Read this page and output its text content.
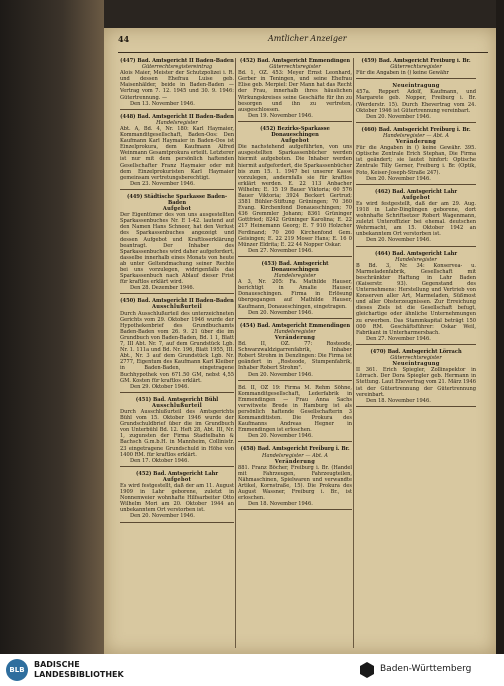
44	Amtlicher Anzeiger
(447) Bad. Amtsgericht II Baden-Baden
Güterrechtsregistereintrag
Alois Maier, Meister der Schutzpolizei i. R. und dessen Ehefrau Luise geb. Maisenhälder, beide in Baden-Baden — Vertrag vom 7. 12. 1945 und 30. 9. 1946: Gütertrennung. —
Den 13. November 1946.
(448) Bad. Amtsgericht II Baden-Baden
Handelsregister
Abt. A, Bd. 4, Nr. 180: Karl Haymaier, Kommanditgesellschaft, Baden-Oos: Den Kaufmann Karl Haymaier in Baden-Oos ist Einzelprokura, dem Kaufmann Alfred Weinmann Gesamtprokura erteilt. Letzterer ist nur mit dem persönlich haftenden Gesellschafter Franz Haymaier oder mit dem Einzelprokuristen Karl Haymaier gemeinsam vertretungsberechtigt.
Den 23. November 1946.
(449) Städtische Sparkasse Baden-Baden
Aufgebot
Der Eigentümer des von uns ausgestellten Sparkassenbuches Nr. E 1-42. lautend auf den Namen Hans Schneer, hat den Verlust des Sparkassenbuches angezeigt und dessen Aufgebot und Kraftloserklärung beantragt. Der Inhaber des Sparkassenbuches wird daher aufgefordert, dasselbe innerhalb eines Monats von heute ab unter Geltendmachung seiner Rechte bei uns vorzulegen, widrigenfalls das Sparkassenbuch nach Ablauf dieser Frist für kraftlos erklärt wird.
Den 28. Dezember 1946.
(450) Bad. Amtsgericht II Baden-Baden
Ausschlußurteil
Durch Ausschlußurteil des unterzeichneten Gerichts vom 29. Oktober 1946 wurde der Hypothekenbrief des Grundbuchamts Baden-Baden vom 26. 9. 21 über die im Grundbuch von Baden-Baden, Bd. 1 1, Blatt 7, III Abt. Nr. 7, auf dem Grundstück Lgb. Nr. 1. 111a und Bd. Nr. 196, Blatt 1955, III. Abt., Nr. 3 auf dem Grundstück Lgb. Nr. 2777, Eigentum des Kaufmann Karl Kleiber in Baden-Baden, eingetragene Buchhypothek von 671.50 GM, nebst 4,55 GM. Kosten für kraftlos erklärt.
Den 29. Oktober 1946.
(451) Bad. Amtsgericht Bühl
Ausschlußurteil
Durch Ausschlußurteil des Amtsgerichts Bühl vom 15. Oktober 1946 wurde der Grundschuldbrief über die im Grundbuch von Unterbühl Bd. 12. Heft 28, Abt. III, Nr. 1, zugunsten der Firma Stadtelbahn & Bachsch G.m.b.H. in Mannheim, Collinistr. 23 eingetragene Grundschuld in Höhe von 1400 RM. für kraftlos erklärt.
Den 17. Oktober 1946.
(452) Bad. Amtsgericht Lahr
Aufgebot
Es wird festgestellt, daß der am 11. August 1909 in Lahr geborene, zuletzt in Nonnenweier wohnhafte Hilfsarbeiter Otto Wilhelm Mori am 20. Oktober 1944 an unbekanntem Ort verstorben ist.
Den 20. November 1946.
(452) Bad. Amtsgericht Emmendingen
Güterrechtsregister
Bd. 1, OZ. 453: Meyer Ernst Leonhard, Gerber in Teningen, und seine Ehefrau Elise geb. Merpiel: Der Mann hat das Recht der Frau, innerhalb ihres häuslichen Wirkungskreises seine Geschäfte für ihn zu besorgen und ihn zu vertreten, ausgeschlossen.
Den 19. November 1946.
(452) Bezirks-Sparkasse Donaueschingen
Aufgebot
Die nachstehend aufgeführten, von uns ausgestellten Sparkassenbücher werden hiermit aufgeboten. Die Inhaber werden hiermit aufgefordert, die Sparkassenbücher bis zum 15. 1. 1947 bei unserer Kasse vorzulegen, andernfalls sie für kraftlos erklärt werden. E. 22 113 Anbacher Wilhelm; E. 15 19 Bauer Viktoria; 60 576 Bauer Viktoria; 3924 Beckert Gertrud; 3581 Bühler-Stiftung Grüningen; 70 360 Evang. Kirchenfond Donaueschingen; 70 436 Gremmler Johann; 8361 Grüninger Gottfried; 8242 Grüninger Karolina; E. 22 217 Heinemann Georg; E. 7 910 Holzcher Ferdinand; 70 260 Kirchenfond Gem. Geisingen; E. 22 219 Moser Hans; E. 16 0 Münzer Eldrita; E. 22 44 Nopper Oskar.
Den 27. November 1946.
(453) Bad. Amtsgericht Donaueschingen
Handelsregister
A 3, Nr. 205: Fa. Mathilde Hauser, berichtigt in Amalie Hauser, Donaueschingen. Firma in Erlösung übergegangen auf Mathilde Hauser, Kaufmann, Donaueschingen, eingetragen.
Den 20. November 1946.
(454) Bad. Amtsgericht Emmendingen
Handelsregister
Veränderung
Bd. II, OZ. 77: Rosteode, Schwarzwaldzigarrenfabrik, Inhaber Robert Strohm in Denzlingen: Die Firma ist geändert in „Rosteode, Stumpenfabrik, Inhaber Robert Strohm".
Den 20. November 1946.
Bd. II, OZ 19: Firma M. Rehm Söhne, Kommanditgesellschaft, Lederfabrik in Emmendingen — Frau Anna Sachs verwitwete Brede in Hamburg ist als persönlich haftende Gesellschafterin 3 Kommanditisten. Die Prokura des Kaufmanns Andreas Hegner in Emmendingen ist erloschen.
Den 20. November 1946.
(458) Bad. Amtsgericht Freiburg i. Br.
Handelsregister — Abt. A
Veränderung
881. Franz Böcher, Freiburg i. Br. (Handel mit Fahrzeugen, Fahrzeugteilen, Nähmaschinen, Spielwaren und verwandte Artikel, Kornstraße, 15). Die Prokura des August Wassner, Freiburg i. Br., ist erloschen.
Den 18. November 1946.
(459) Bad. Amtsgericht Freiburg i. Br.
Güterrechtsregister
Für die Angaben in () keine Gewähr
Neueintragung
457a. Reppert Adolf, Kaufmann, und Margarete geb. Nopper, Freiburg i. Br. (Werderstr. 15). Durch Ehevertrag vom 24. Oktober 1946 ist Gütertrennung vereinbart.
Den 20. November 1946.
(460) Bad. Amtsgericht Freiburg i. Br.
Handelsregister — Abt. A
Veränderung
Für die Angaben in () keine Gewähr. 395. Optische Zentrale Erich Stephan, Die Firma ist geändert; sie lautet hinfort: Optische Zentrale Tilly Gerner, Freiburg i. Br. (Optik, Foto, Keiser-Joseph-Straße 247).
Den 20. November 1946.
(462) Bad. Amtsgericht Lahr
Aufgebot
Es wird festgestellt, daß der am 29. Aug. 1918 in Lahr-Dinglingen geborene, dort wohnhafte Schriftsetzer Robert Wagenmann, zuletzt Unteroffizier bei ehemal. deutschen Wehrmacht, am 15. Oktober 1942 an unbekanntem Ort verstorben ist.
Den 20. November 1946.
(464) Bad. Amtsgericht Lahr
Handelsregister
B Bd. 3, Nr. 34: Konservea- u. Marmeladenfabrik, Gesellschaft mit beschränkter Haftung in Lahr Baden (Kaiserstr. 93). Gegenstand des Unternehmens: Herstellung und Vertrieb von Konserven aller Art, Marmeladen, Süßmost und aller Obsterzeugnissen. Zur Erreichung dieses Ziels ist die Gesellschaft befugt, gleichartige oder ähnliche Unternehmungen zu erwerben. Das Stammkapital beträgt 150 000 RM. Geschäftsführer: Oskar Weil, Fabrikant in Unterharmersbach.
Den 27. November 1946.
(470) Bad. Amtsgericht Lörrach
Güterrechtsregister
Neueintragung
II 361. Erich Spiegler, Zollinspektor in Lörrach. Der Dora Spiegler geb. Hermann in Stettung. Laut Ehevertrag vom 21. März 1946 ist der Gütertrennung der Gütertrennung vereinbart.
Den 18. November 1946.
BLB
BADISCHE
LANDESBIBLIOTHEK
Baden-Württemberg
